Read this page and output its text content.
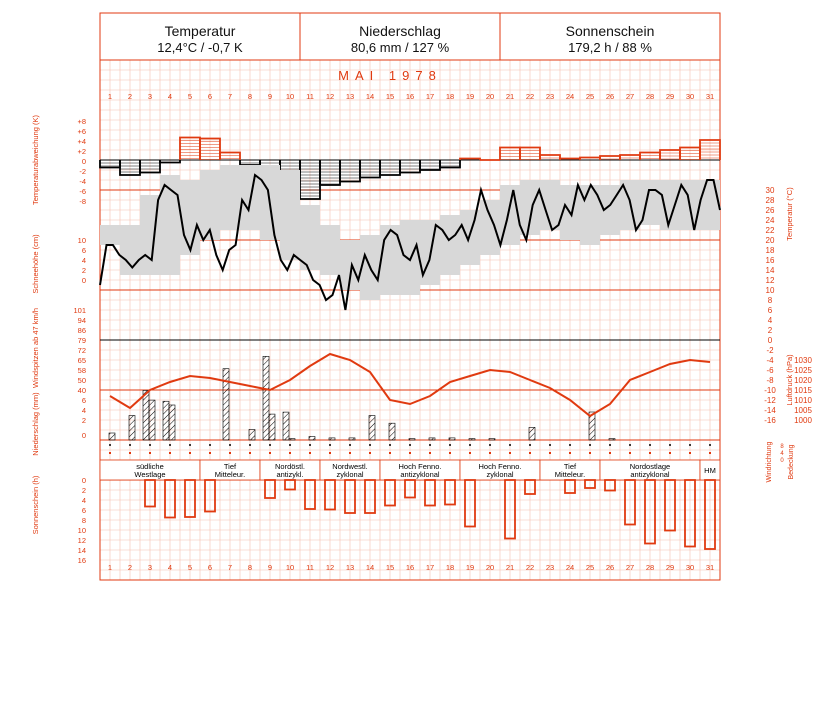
Temperatur
12,4°C / -0,7 K
Niederschlag
80,6 mm / 127 %
Sonnenschein
179,2 h / 88 %
MAI 1978
1
1
2
2
3
3
4
4
5
5
6
6
7
7
8
8
9
9
10
10
11
11
12
12
13
13
14
14
15
15
16
16
17
17
18
18
19
19
20
20
21
21
22
22
23
23
24
24
25
25
26
26
27
27
28
28
29
29
30
30
31
31
+8
+6
+4
+2
0
-2
-4
-6
-8
30
28
26
24
22
20
18
16
14
12
10
8
6
4
2
0
-2
-4
10
6
4
2
0
101
94
86
79
72
65
58
50
40
6
4
2
0
1030
1025
1020
1015
1010
1005
1000
-6
-8
-10
-12
-14
-16
8
4
0
südliche
Westlage
Tief
Mitteleur.
Nordöstl.
antizykl.
Nordwestl.
zyklonal
Hoch Fenno.
antizyklonal
Hoch Fenno.
zyklonal
Tief
Mitteleur.
Nordostlage
antizyklonal	HM
0
2
4
6
8
10
12
14
16
Temperaturabweichung (K)
Schneehöhe (cm)
Windspitzen ab 47 km/h
Niederschlag (mm)
Sonnenschein (h)
Temperatur (°C)
Luftdruck (hPa)
Windrichtung Bedeckung
